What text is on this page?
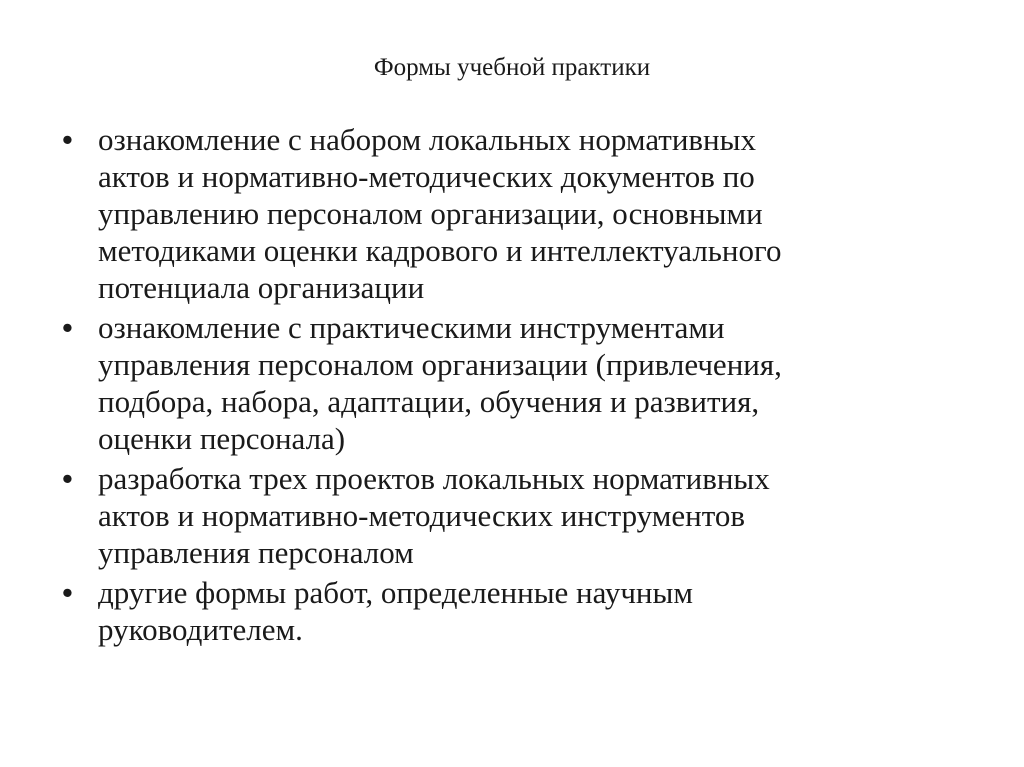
Формы учебной практики
• ознакомление с набором локальных нормативных
актов и нормативно-методических документов по
управлению персоналом организации, основными
методиками оценки кадрового и интеллектуального
потенциала организации
• ознакомление с практическими инструментами
управления персоналом организации (привлечения,
подбора, набора, адаптации, обучения и развития,
оценки персонала)
• разработка трех проектов локальных нормативных
актов и нормативно-методических инструментов
управления персоналом
• другие формы работ, определенные научным
руководителем.
